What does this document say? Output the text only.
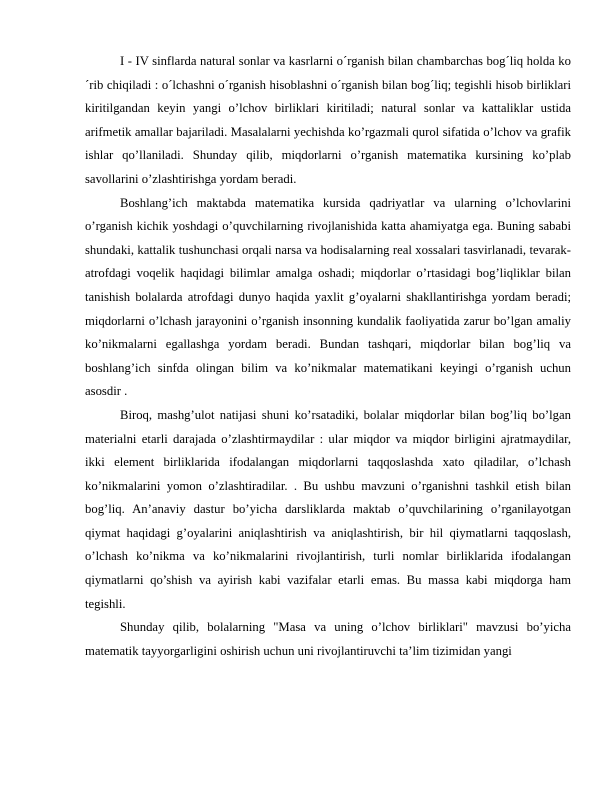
I - IV sinflarda natural sonlar va kasrlarni o´rganish bilan chambarchas bog´liq holda ko´rib chiqiladi : o´lchashni o´rganish hisoblashni o´rganish bilan bog´liq; tegishli hisob birliklari kiritilgandan keyin yangi o’lchov birliklari kiritiladi; natural sonlar va kattaliklar ustida arifmetik amallar bajariladi. Masalalarni yechishda ko’rgazmali qurol sifatida o’lchov va grafik ishlar qo’llaniladi. Shunday qilib, miqdorlarni o’rganish matematika kursining ko’plab savollarini o’zlashtirishga yordam beradi.

Boshlang’ich maktabda matematika kursida qadriyatlar va ularning o’lchovlarini o’rganish kichik yoshdagi o’quvchilarning rivojlanishida katta ahamiyatga ega. Buning sababi shundaki, kattalik tushunchasi orqali narsa va hodisalarning real xossalari tasvirlanadi, tevarak-atrofdagi voqelik haqidagi bilimlar amalga oshadi; miqdorlar o’rtasidagi bog’liqliklar bilan tanishish bolalarda atrofdagi dunyo haqida yaxlit g’oyalarni shakllantirishga yordam beradi; miqdorlarni o’lchash jarayonini o’rganish insonning kundalik faoliyatida zarur bo’lgan amaliy ko’nikmalarni egallashga yordam beradi. Bundan tashqari, miqdorlar bilan bog’liq va boshlang’ich sinfda olingan bilim va ko’nikmalar matematikani keyingi o’rganish uchun asosdir .

Biroq, mashg’ulot natijasi shuni ko’rsatadiki, bolalar miqdorlar bilan bog’liq bo’lgan materialni etarli darajada o’zlashtirmaydilar : ular miqdor va miqdor birligini ajratmaydilar, ikki element birliklarida ifodalangan miqdorlarni taqqoslashda xato qiladilar, o’lchash ko’nikmalarini yomon o’zlashtiradilar. . Bu ushbu mavzuni o’rganishni tashkil etish bilan bog’liq. An’anaviy dastur bo’yicha darsliklarda maktab o’quvchilarining o’rganilayotgan qiymat haqidagi g’oyalarini aniqlashtirish va aniqlashtirish, bir hil qiymatlarni taqqoslash, o’lchash ko’nikma va ko’nikmalarini rivojlantirish, turli nomlar birliklarida ifodalangan qiymatlarni qo’shish va ayirish kabi vazifalar etarli emas. Bu massa kabi miqdorga ham tegishli.

Shunday qilib, bolalarning "Masa va uning o’lchov birliklari" mavzusi bo’yicha matematik tayyorgarligini oshirish uchun uni rivojlantiruvchi ta’lim tizimidan yangi
